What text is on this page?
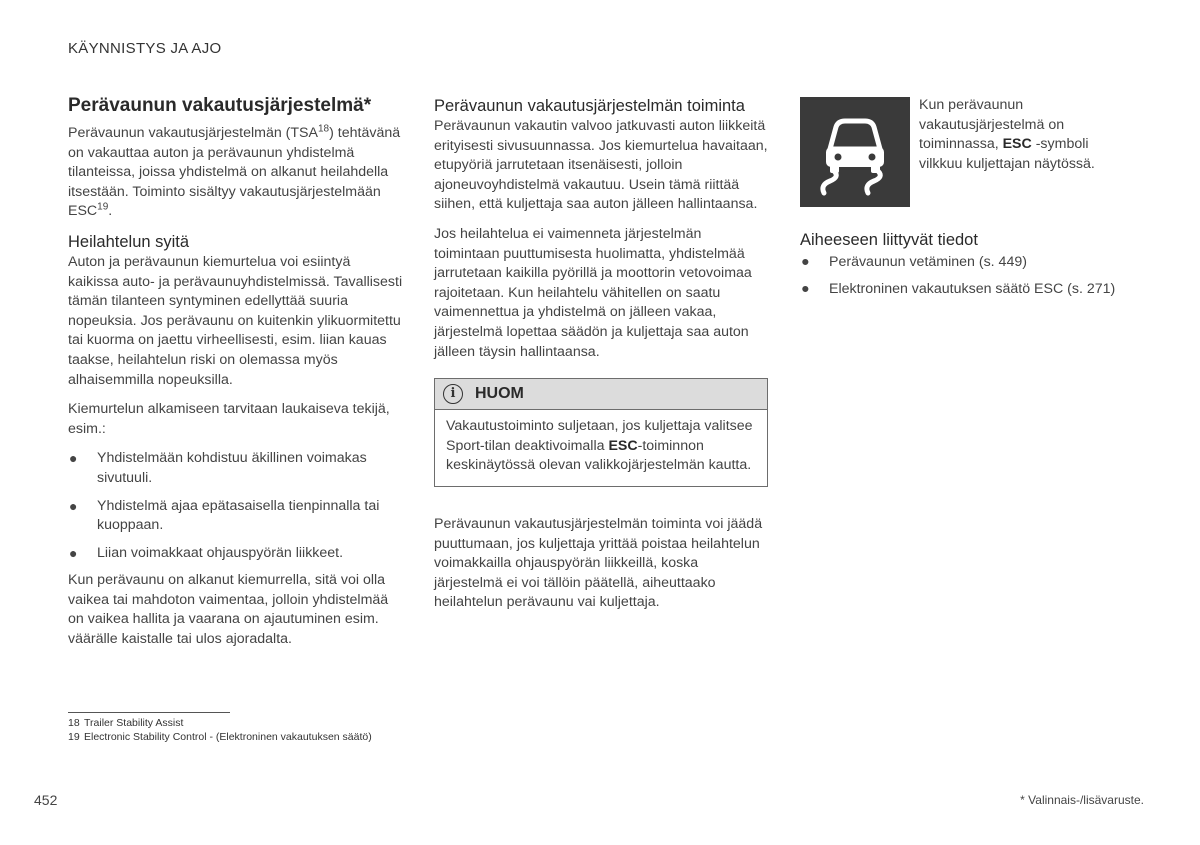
KÄYNNISTYS JA AJO
Perävaunun vakautusjärjestelmä*

Perävaunun vakautusjärjestelmän (TSA$^{18}$) tehtävänä on vakauttaa auton ja perävaunun yhdistelmä tilanteissa, joissa yhdistelmä on alkanut heilahdella itsestään. Toiminto sisältyy vakautusjärjestelmään ESC$^{19}$.

Heilahtelun syitä

Auton ja perävaunun kiemurtelua voi esiintyä kaikissa auto- ja perävaunuyhdistelmissä. Tavallisesti tämän tilanteen syntyminen edellyttää suuria nopeuksia. Jos perävaunu on kuitenkin ylikuormitettu tai kuorma on jaettu virheellisesti, esim. liian kauas taakse, heilahtelun riski on olemassa myös alhaisemmilla nopeuksilla.

Kiemurtelun alkamiseen tarvitaan laukaiseva tekijä, esim.:

● Yhdistelmään kohdistuu äkillinen voimakas sivutuuli.
● Yhdistelmä ajaa epätasaisella tienpinnalla tai kuoppaan.
● Liian voimakkaat ohjauspyörän liikkeet.

Kun perävaunu on alkanut kiemurrella, sitä voi olla vaikea tai mahdoton vaimentaa, jolloin yhdistelmää on vaikea hallita ja vaarana on ajautuminen esim. väärälle kaistalle tai ulos ajoradalta.

Perävaunun vakautusjärjestelmän toiminta

Perävaunun vakautin valvoo jatkuvasti auton liikkeitä erityisesti sivusuunnassa. Jos kiemurtelua havaitaan, etupyöriä jarrutetaan itsenäisesti, jolloin ajoneuvoyhdistelmä vakautuu. Usein tämä riittää siihen, että kuljettaja saa auton jälleen hallintaansa.

Jos heilahtelua ei vaimenneta järjestelmän toimintaan puuttumisesta huolimatta, yhdistelmää jarrutetaan kaikilla pyörillä ja moottorin vetovoimaa rajoitetaan. Kun heilahtelu vähitellen on saatu vaimennettua ja yhdistelmä on jälleen vakaa, järjestelmä lopettaa säädön ja kuljettaja saa auton jälleen täysin hallintaansa.

i	HUOM
Vakautustoiminto suljetaan, jos kuljettaja valitsee Sport-tilan deaktivoimalla ESC-toiminnon keskinäytössä olevan valikkojärjestelmän kautta.

Perävaunun vakautusjärjestelmän toiminta voi jäädä puuttumaan, jos kuljettaja yrittää poistaa heilahtelun voimakkailla ohjauspyörän liikkeillä, koska järjestelmä ei voi tällöin päätellä, aiheuttaako heilahtelun perävaunu vai kuljettaja.

Kun perävaunun vakautusjärjestelmä on toiminnassa, ESC -symboli vilkkuu kuljettajan näytössä.
Aiheeseen liittyvät tiedot
● Perävaunun vetäminen (s. 449)
● Elektroninen vakautuksen säätö ESC (s. 271)
18 Trailer Stability Assist
19 Electronic Stability Control - (Elektroninen vakautuksen säätö)
452	* Valinnais-/lisävaruste.
